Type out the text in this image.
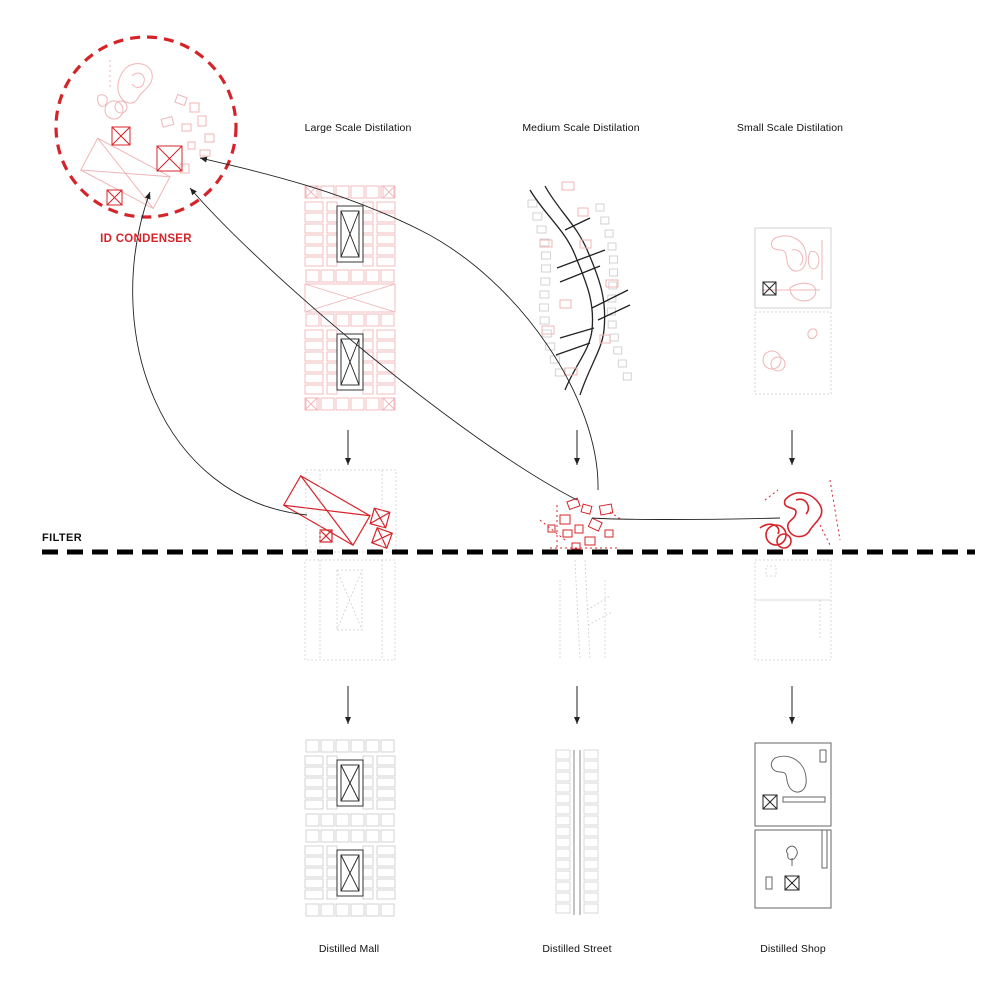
ID CONDENSER
FILTER
Large Scale Distilation	Medium Scale Distilation	Small Scale Distilation
Distilled Mall	Distilled Street	Distilled Shop
